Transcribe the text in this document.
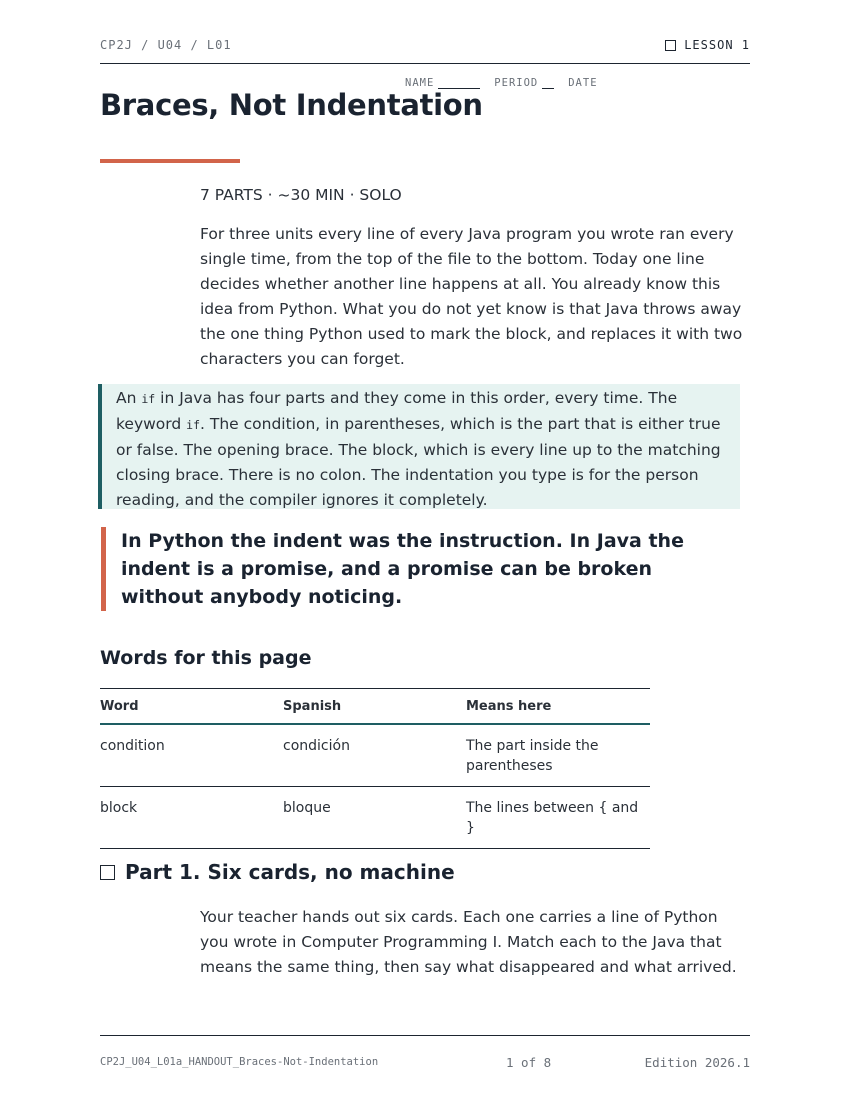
CP2J / U04 / L01	LESSON 1
NAME	PERIOD	DATE
Braces, Not Indentation
7 PARTS · ~30 MIN · SOLO
For three units every line of every Java program you wrote ran every single time, from the top of the file to the bottom. Today one line decides whether another line happens at all. You already know this idea from Python. What you do not yet know is that Java throws away the one thing Python used to mark the block, and replaces it with two characters you can forget.
An if in Java has four parts and they come in this order, every time. The keyword if. The condition, in parentheses, which is the part that is either true or false. The opening brace. The block, which is every line up to the matching closing brace. There is no colon. The indentation you type is for the person reading, and the compiler ignores it completely.
In Python the indent was the instruction. In Java the indent is a promise, and a promise can be broken without anybody noticing.
Words for this page
Word	Spanish	Means here
condition	condición	The part inside the parentheses
block	bloque	The lines between { and }
Part 1. Six cards, no machine
Your teacher hands out six cards. Each one carries a line of Python you wrote in Computer Programming I. Match each to the Java that means the same thing, then say what disappeared and what arrived.
CP2J_U04_L01a_HANDOUT_Braces-Not-Indentation	1 of 8	Edition 2026.1
